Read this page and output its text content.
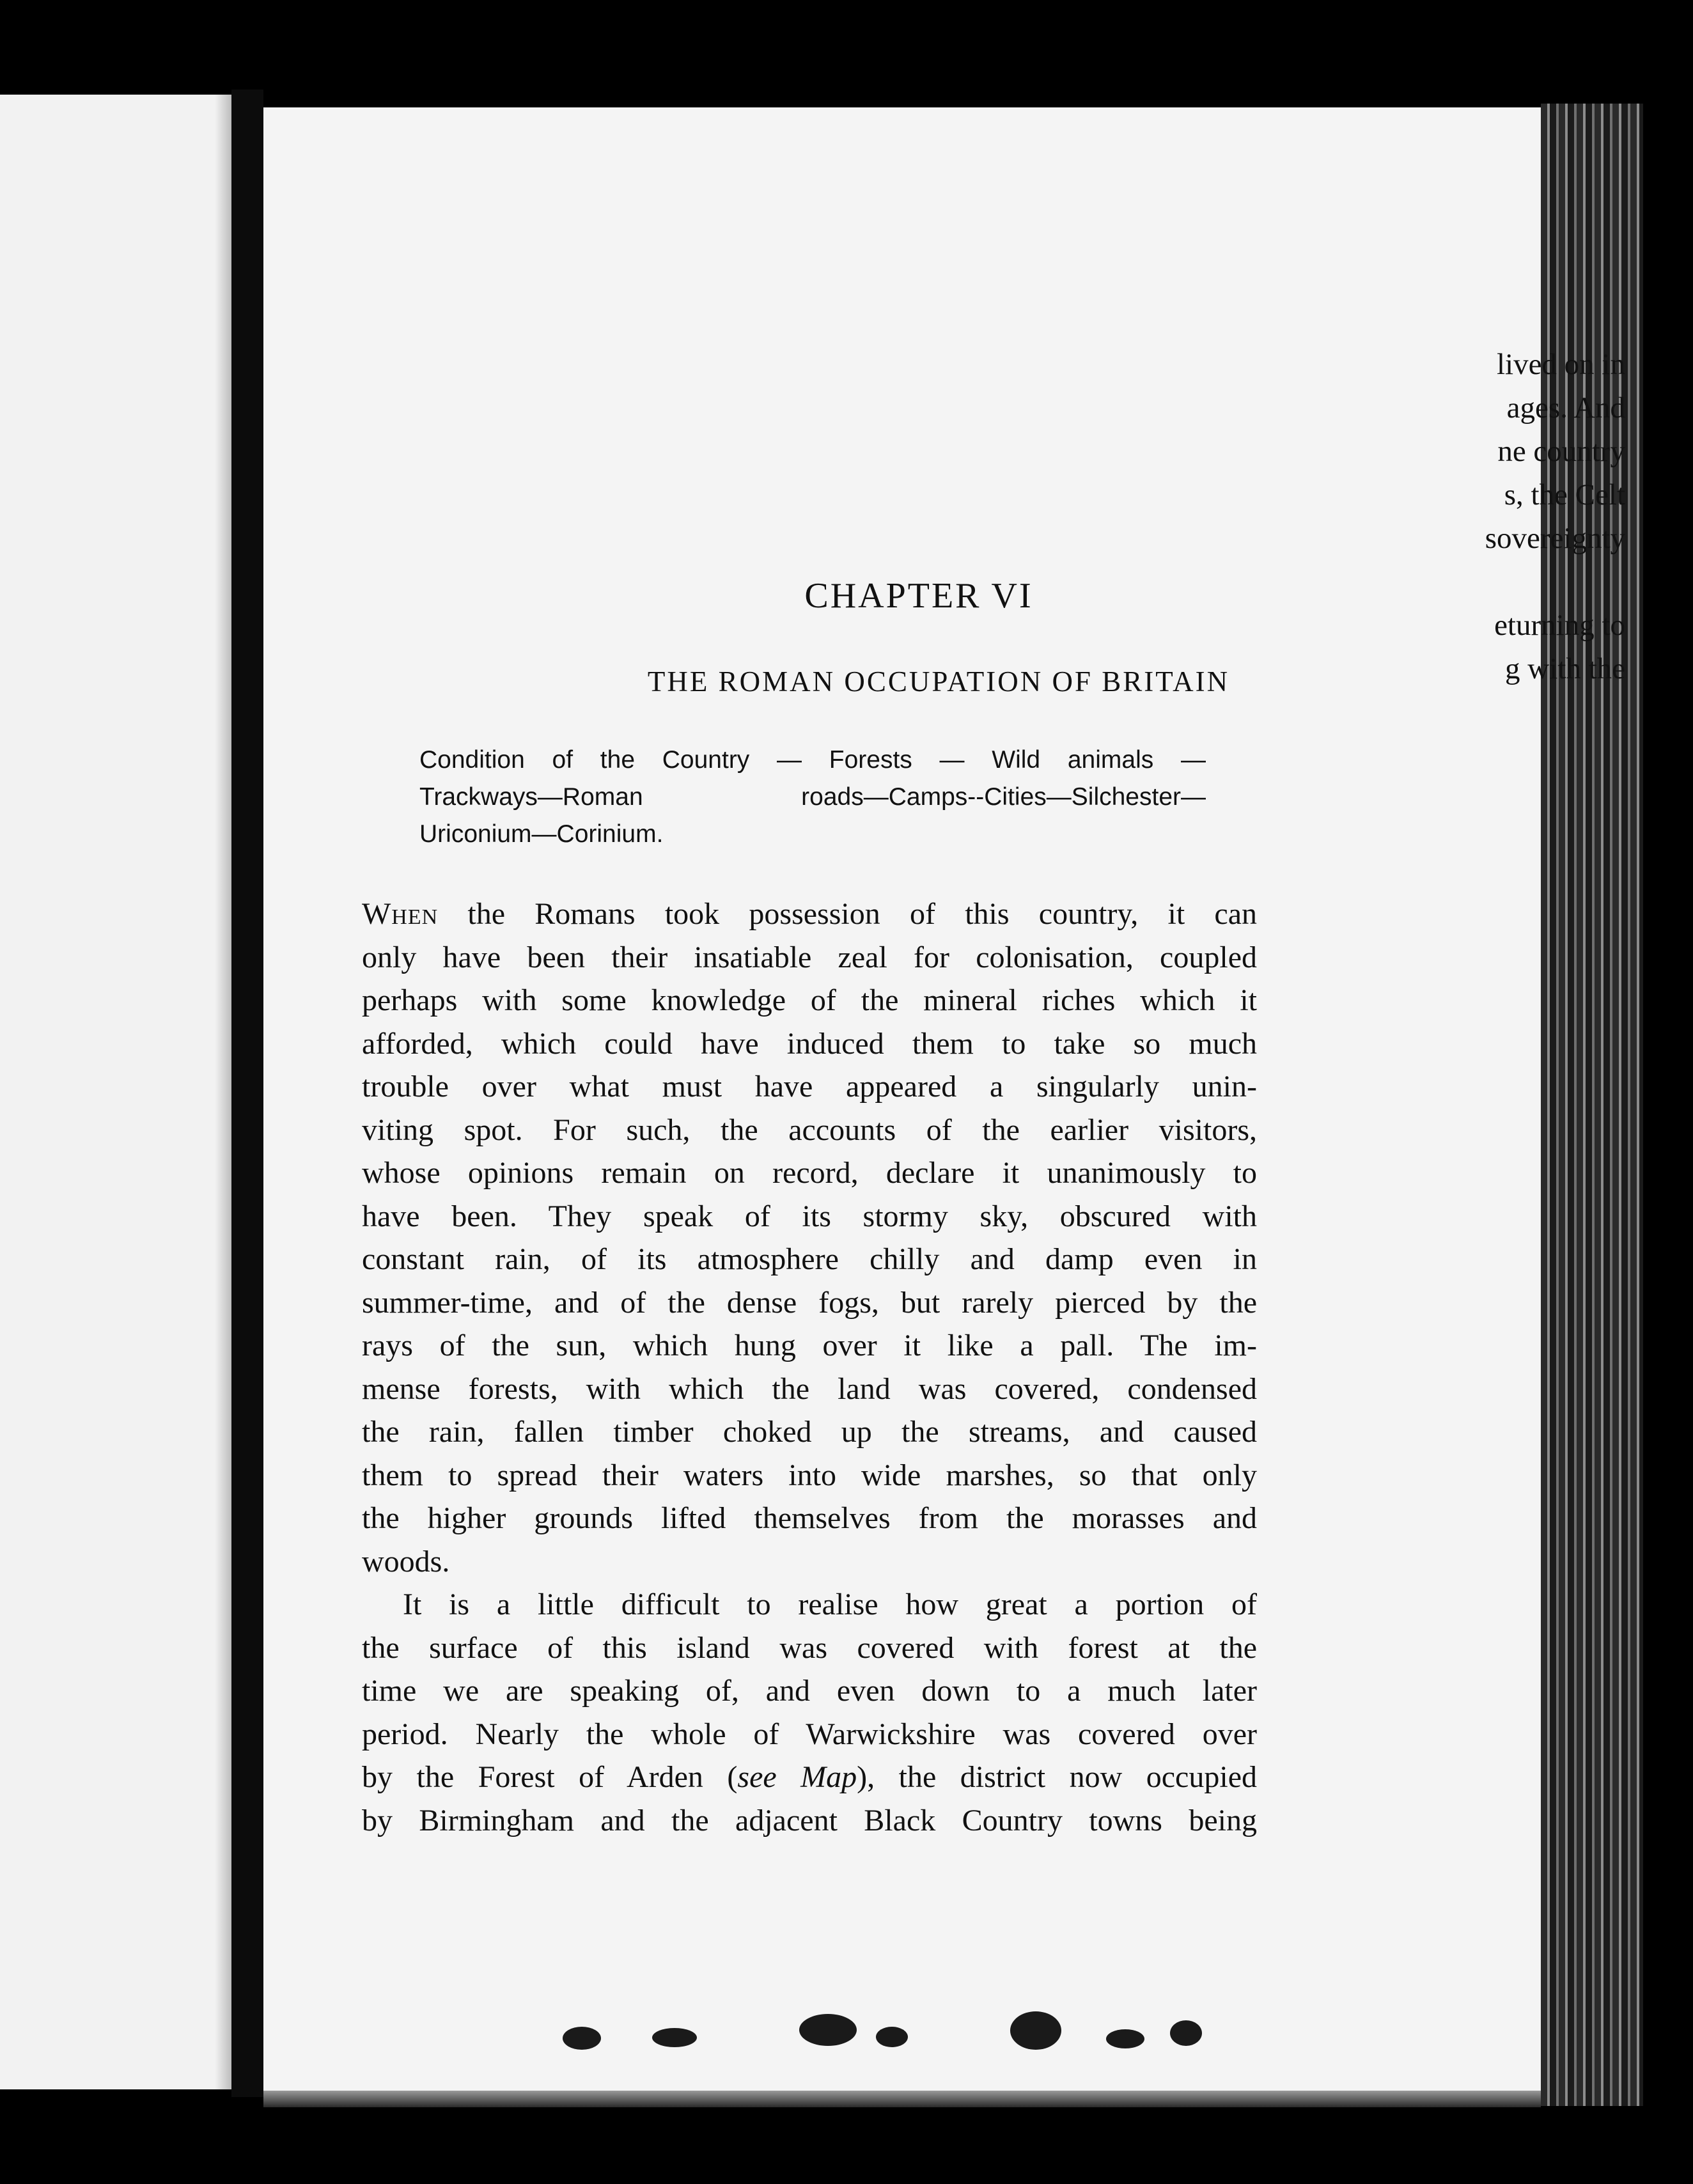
lived on in
ages. And
ne country
s, the Celt
sovereignty
eturning to
g with the
CHAPTER VI
THE ROMAN OCCUPATION OF BRITAIN
Condition of the Country — Forests — Wild animals —
Trackways—Roman roads—Camps--Cities—Silchester—
Uriconium—Corinium.
When the Romans took possession of this country, it can
only have been their insatiable zeal for colonisation, coupled
perhaps with some knowledge of the mineral riches which it
afforded, which could have induced them to take so much
trouble over what must have appeared a singularly unin-
viting spot. For such, the accounts of the earlier visitors,
whose opinions remain on record, declare it unanimously to
have been. They speak of its stormy sky, obscured with
constant rain, of its atmosphere chilly and damp even in
summer-time, and of the dense fogs, but rarely pierced by the
rays of the sun, which hung over it like a pall. The im-
mense forests, with which the land was covered, condensed
the rain, fallen timber choked up the streams, and caused
them to spread their waters into wide marshes, so that only
the higher grounds lifted themselves from the morasses and
woods.
It is a little difficult to realise how great a portion of
the surface of this island was covered with forest at the
time we are speaking of, and even down to a much later
period. Nearly the whole of Warwickshire was covered over
by the Forest of Arden (see Map), the district now occupied
by Birmingham and the adjacent Black Country towns being
